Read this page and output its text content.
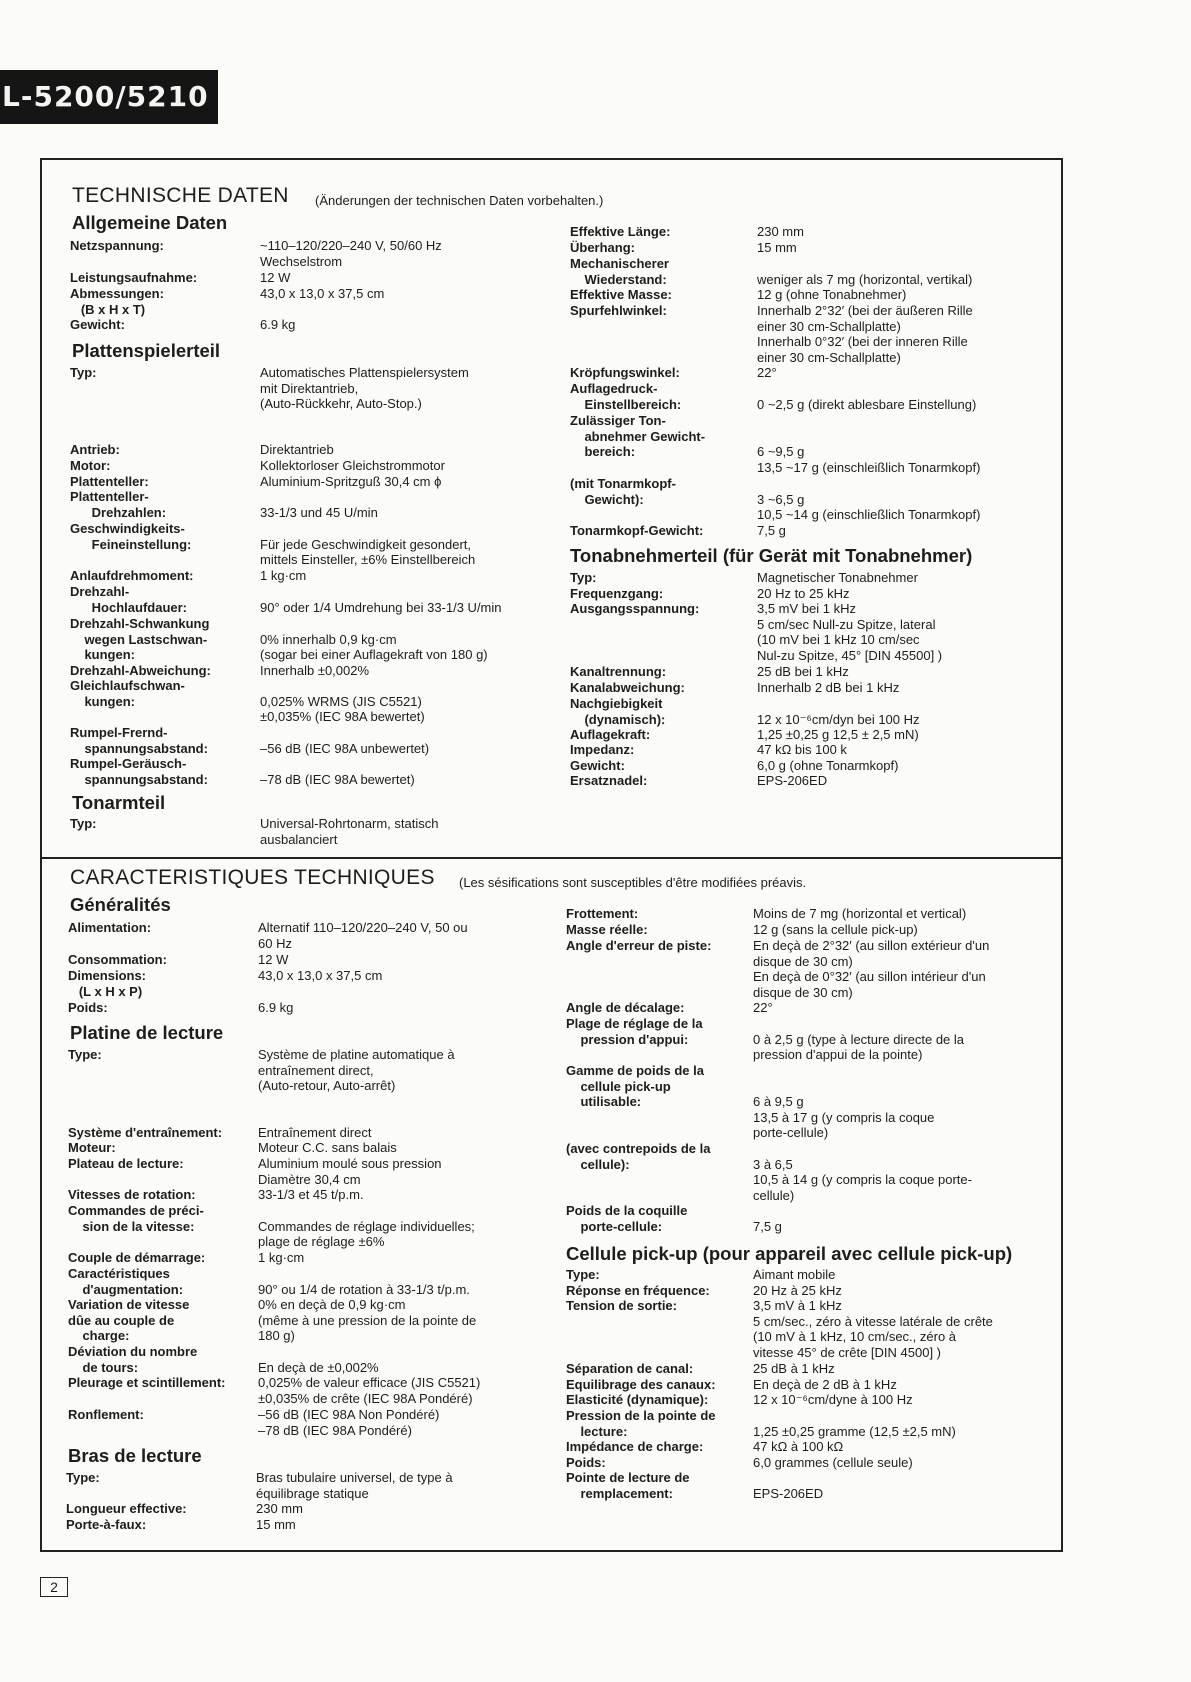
L-5200/5210
TECHNISCHE DATEN (Änderungen der technischen Daten vorbehalten.)
Allgemeine Daten
Netzspannung:	~110–120/220–240 V, 50/60 Hz
Wechselstrom
Leistungsaufnahme:	12 W
Abmessungen:
(B x H x T)
43,0 x 13,0 x 37,5 cm
Gewicht:	6.9 kg
Plattenspielerteil
Typ:	Automatisches Plattenspielersystem
mit Direktantrieb,
(Auto-Rückkehr, Auto-Stop.)
Antrieb:	Direktantrieb
Motor:	Kollektorloser Gleichstrommotor
Plattenteller:	Aluminium-Spritzguß 30,4 cm ϕ
Plattenteller-
Drehzahlen:	
33-1/3 und 45 U/min
Geschwindigkeits-
Feineinstellung:	
Für jede Geschwindigkeit gesondert,
mittels Einsteller, ±6% Einstellbereich
Anlaufdrehmoment:	1 kg·cm
Drehzahl-
Hochlaufdauer:	
90° oder 1/4 Umdrehung bei 33-1/3 U/min
Drehzahl-Schwankung
wegen Lastschwan-
kungen:

0% innerhalb 0,9 kg·cm
(sogar bei einer Auflagekraft von 180 g)
Drehzahl-Abweichung:	Innerhalb ±0,002%
Gleichlaufschwan-
kungen:	
0,025% WRMS (JIS C5521)
±0,035% (IEC 98A bewertet)
Rumpel-Frernd-
spannungsabstand:	
–56 dB (IEC 98A unbewertet)
Rumpel-Geräusch-
spannungsabstand:	
–78 dB (IEC 98A bewertet)
Tonarmteil
Typ:	Universal-Rohrtonarm, statisch
ausbalanciert
Effektive Länge:	230 mm
Überhang:	15 mm
Mechanischerer
Wiederstand:	
weniger als 7 mg (horizontal, vertikal)
Effektive Masse:	12 g (ohne Tonabnehmer)
Spurfehlwinkel:	Innerhalb 2°32′ (bei der äußeren Rille
einer 30 cm-Schallplatte)
Innerhalb 0°32′ (bei der inneren Rille
einer 30 cm-Schallplatte)
Kröpfungswinkel:	22°
Auflagedruck-
Einstellbereich:	
0 ~2,5 g (direkt ablesbare Einstellung)
Zulässiger Ton-
abnehmer Gewicht-
bereich:	

6 ~9,5 g
13,5 ~17 g (einschleißlich Tonarmkopf)
(mit Tonarmkopf-
Gewicht):	
3 ~6,5 g
10,5 ~14 g (einschließlich Tonarmkopf)
Tonarmkopf-Gewicht:	7,5 g
Tonabnehmerteil (für Gerät mit Tonabnehmer)
Typ:	Magnetischer Tonabnehmer
Frequenzgang:	20 Hz to 25 kHz
Ausgangsspannung:	3,5 mV bei 1 kHz
5 cm/sec Null-zu Spitze, lateral
(10 mV bei 1 kHz 10 cm/sec
Nul-zu Spitze, 45° [DIN 45500] )
Kanaltrennung:	25 dB bei 1 kHz
Kanalabweichung:	Innerhalb 2 dB bei 1 kHz
Nachgiebigkeit
(dynamisch):	
12 x 10⁻⁶cm/dyn bei 100 Hz
Auflagekraft:	1,25 ±0,25 g 12,5 ± 2,5 mN)
Impedanz:	47 kΩ bis 100 k
Gewicht:	6,0 g (ohne Tonarmkopf)
Ersatznadel:	EPS-206ED
CARACTERISTIQUES TECHNIQUES (Les sésifications sont susceptibles d'être modifiées préavis.
Généralités
Alimentation:	Alternatif 110–120/220–240 V, 50 ou
60 Hz
Consommation:	12 W
Dimensions:
(L x H x P)
43,0 x 13,0 x 37,5 cm
Poids:	6.9 kg
Platine de lecture
Type:	Système de platine automatique à
entraînement direct,
(Auto-retour, Auto-arrêt)
Système d'entraînement:	Entraînement direct
Moteur:	Moteur C.C. sans balais
Plateau de lecture:	Aluminium moulé sous pression
Diamètre 30,4 cm
Vitesses de rotation:	33-1/3 et 45 t/p.m.
Commandes de préci-
sion de la vitesse:	
Commandes de réglage individuelles;
plage de réglage ±6%
Couple de démarrage:	1 kg·cm
Caractéristiques
d'augmentation:	
90° ou 1/4 de rotation à 33-1/3 t/p.m.
Variation de vitesse
dûe au couple de
charge:
0% en deçà de 0,9 kg·cm
(même à une pression de la pointe de
180 g)
Déviation du nombre
de tours:	
En deçà de ±0,002%
Pleurage et scintillement:	0,025% de valeur efficace (JIS C5521)
±0,035% de crête (IEC 98A Pondéré)
Ronflement:	–56 dB (IEC 98A Non Pondéré)
–78 dB (IEC 98A Pondéré)
Bras de lecture
Type:	Bras tubulaire universel, de type à
équilibrage statique
Longueur effective:	230 mm
Porte-à-faux:	15 mm
Frottement:	Moins de 7 mg (horizontal et vertical)
Masse réelle:	12 g (sans la cellule pick-up)
Angle d'erreur de piste:	En deçà de 2°32′ (au sillon extérieur d'un
disque de 30 cm)
En deçà de 0°32′ (au sillon intérieur d'un
disque de 30 cm)
Angle de décalage:	22°
Plage de réglage de la
pression d'appui:	
0 à 2,5 g (type à lecture directe de la
pression d'appui de la pointe)
Gamme de poids de la
cellule pick-up
utilisable:	

6 à 9,5 g
13,5 à 17 g (y compris la coque
porte-cellule)
(avec contrepoids de la
cellule):	
3 à 6,5
10,5 à 14 g (y compris la coque porte-
cellule)
Poids de la coquille
porte-cellule:	
7,5 g
Cellule pick-up (pour appareil avec cellule pick-up)
Type:	Aimant mobile
Réponse en fréquence:	20 Hz à 25 kHz
Tension de sortie:	3,5 mV à 1 kHz
5 cm/sec., zéro à vitesse latérale de crête
(10 mV à 1 kHz, 10 cm/sec., zéro à
vitesse 45° de crête [DIN 4500] )
Séparation de canal:	25 dB à 1 kHz
Equilibrage des canaux:	En deçà de 2 dB à 1 kHz
Elasticité (dynamique):	12 x 10⁻⁶cm/dyne à 100 Hz
Pression de la pointe de
lecture:	
1,25 ±0,25 gramme (12,5 ±2,5 mN)
Impédance de charge:	47 kΩ à 100 kΩ
Poids:	6,0 grammes (cellule seule)
Pointe de lecture de
remplacement:	
EPS-206ED
2
